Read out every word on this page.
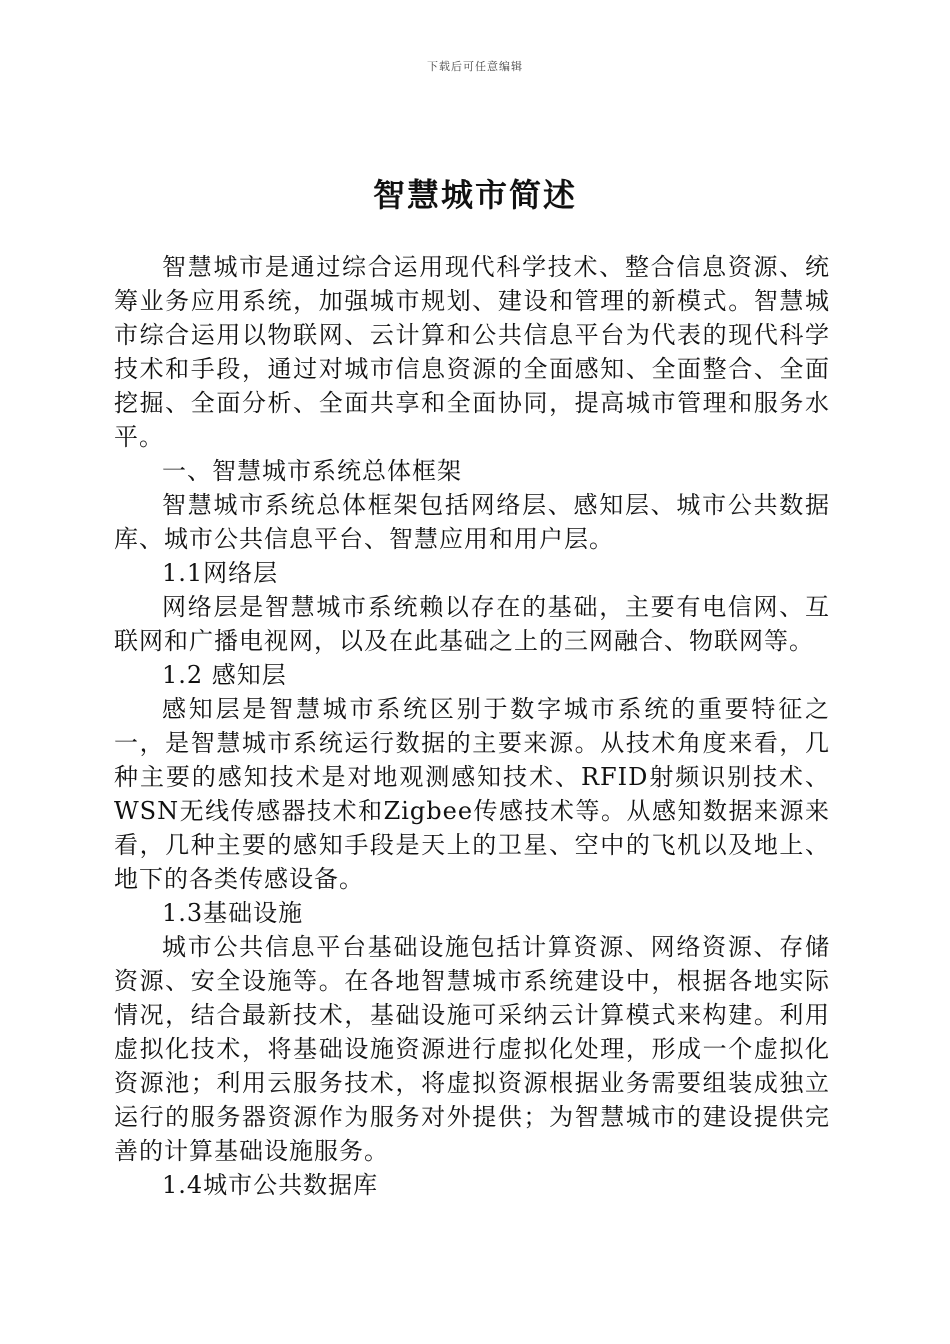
下载后可任意编辑
智慧城市简述

智慧城市是通过综合运用现代科学技术、整合信息资源、统筹业务应用系统，加强城市规划、建设和管理的新模式。智慧城市综合运用以物联网、云计算和公共信息平台为代表的现代科学技术和手段，通过对城市信息资源的全面感知、全面整合、全面挖掘、全面分析、全面共享和全面协同，提高城市管理和服务水平。

一、智慧城市系统总体框架

智慧城市系统总体框架包括网络层、感知层、城市公共数据库、城市公共信息平台、智慧应用和用户层。

1.1网络层

网络层是智慧城市系统赖以存在的基础，主要有电信网、互联网和广播电视网，以及在此基础之上的三网融合、物联网等。

1.2 感知层

感知层是智慧城市系统区别于数字城市系统的重要特征之一，是智慧城市系统运行数据的主要来源。从技术角度来看，几种主要的感知技术是对地观测感知技术、RFID射频识别技术、WSN无线传感器技术和Zigbee传感技术等。从感知数据来源来看，几种主要的感知手段是天上的卫星、空中的飞机以及地上、地下的各类传感设备。

1.3基础设施

城市公共信息平台基础设施包括计算资源、网络资源、存储资源、安全设施等。在各地智慧城市系统建设中，根据各地实际情况，结合最新技术，基础设施可采纳云计算模式来构建。利用虚拟化技术，将基础设施资源进行虚拟化处理，形成一个虚拟化资源池；利用云服务技术，将虚拟资源根据业务需要组装成独立运行的服务器资源作为服务对外提供；为智慧城市的建设提供完善的计算基础设施服务。

1.4城市公共数据库
